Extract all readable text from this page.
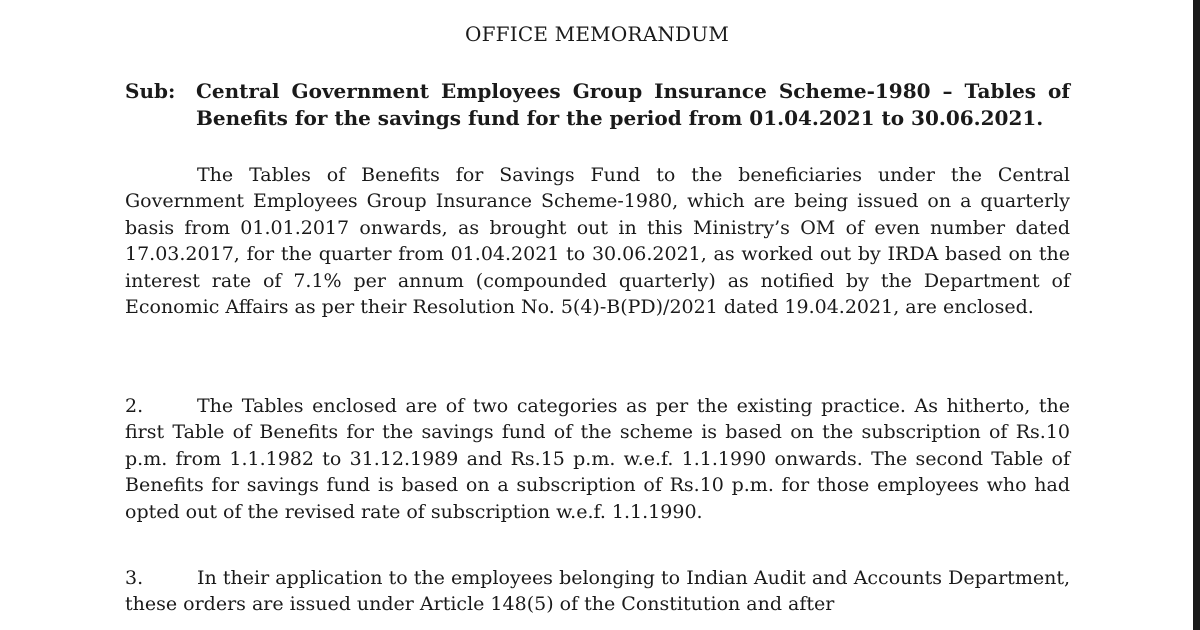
OFFICE MEMORANDUM
Sub: Central Government Employees Group Insurance Scheme-1980 – Tables of Benefits for the savings fund for the period from 01.04.2021 to 30.06.2021.
The Tables of Benefits for Savings Fund to the beneficiaries under the Central Government Employees Group Insurance Scheme-1980, which are being issued on a quarterly basis from 01.01.2017 onwards, as brought out in this Ministry’s OM of even number dated 17.03.2017, for the quarter from 01.04.2021 to 30.06.2021, as worked out by IRDA based on the interest rate of 7.1% per annum (compounded quarterly) as notified by the Department of Economic Affairs as per their Resolution No. 5(4)-B(PD)/2021 dated 19.04.2021, are enclosed.
2.	The Tables enclosed are of two categories as per the existing practice. As hitherto, the first Table of Benefits for the savings fund of the scheme is based on the subscription of Rs.10 p.m. from 1.1.1982 to 31.12.1989 and Rs.15 p.m. w.e.f. 1.1.1990 onwards. The second Table of Benefits for savings fund is based on a subscription of Rs.10 p.m. for those employees who had opted out of the revised rate of subscription w.e.f. 1.1.1990.
3.	In their application to the employees belonging to Indian Audit and Accounts Department, these orders are issued under Article 148(5) of the Constitution and after
